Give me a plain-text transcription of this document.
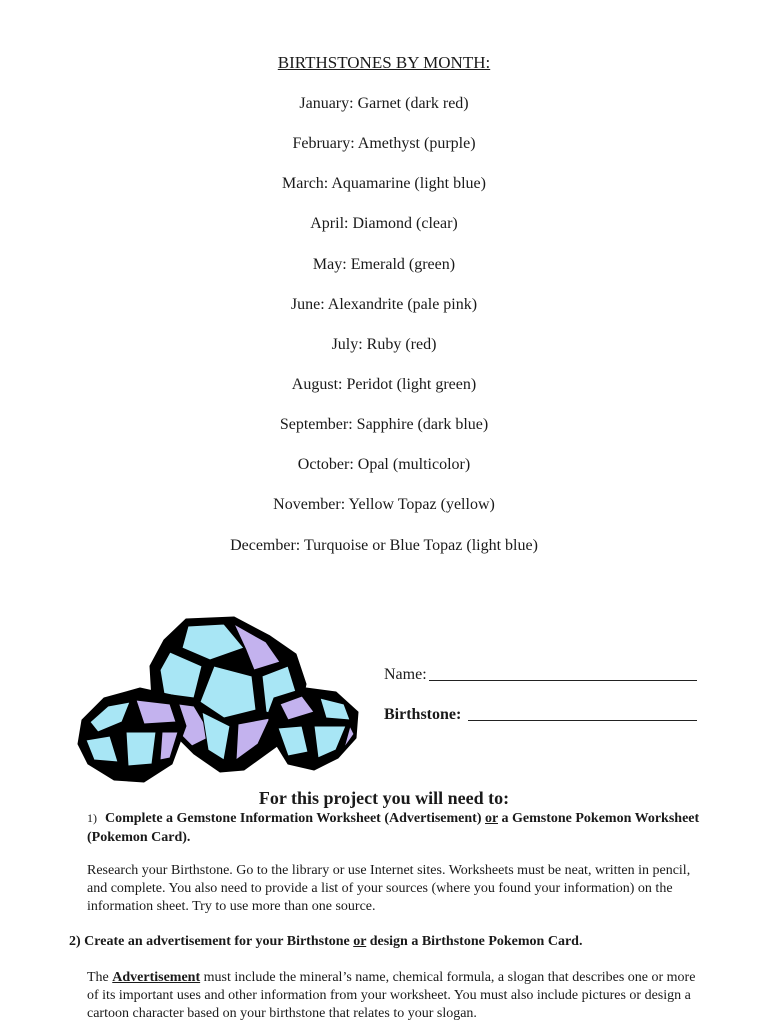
BIRTHSTONES BY MONTH:
January: Garnet (dark red)
February: Amethyst (purple)
March: Aquamarine (light blue)
April: Diamond (clear)
May: Emerald (green)
June: Alexandrite (pale pink)
July: Ruby (red)
August: Peridot (light green)
September: Sapphire (dark blue)
October: Opal (multicolor)
November: Yellow Topaz (yellow)
December: Turquoise or Blue Topaz (light blue)
Name:
Birthstone:
For this project you will need to:
1) Complete a Gemstone Information Worksheet (Advertisement) or a Gemstone Pokemon Worksheet (Pokemon Card).
Research your Birthstone. Go to the library or use Internet sites. Worksheets must be neat, written in pencil, and complete. You also need to provide a list of your sources (where you found your information) on the information sheet. Try to use more than one source.
2) Create an advertisement for your Birthstone or design a Birthstone Pokemon Card.
The Advertisement must include the mineral’s name, chemical formula, a slogan that describes one or more of its important uses and other information from your worksheet. You must also include pictures or design a cartoon character based on your birthstone that relates to your slogan.
